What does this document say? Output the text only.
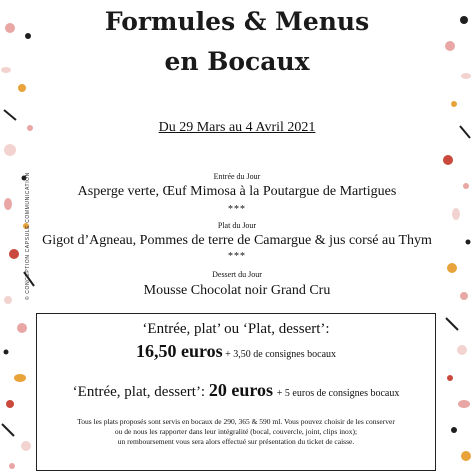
© CONCEPTION CAPSULE COMMUNICATION
Formules & Menus
en Bocaux
Du 29 Mars au 4 Avril 2021
Entrée du Jour
Asperge verte, Œuf Mimosa à la Poutargue de Martigues
***
Plat du Jour
Gigot d’Agneau, Pommes de terre de Camargue & jus corsé au Thym
***
Dessert du Jour
Mousse Chocolat noir Grand Cru
‘Entrée, plat’ ou ‘Plat, dessert’:
16,50 euros + 3,50 de consignes bocaux
‘Entrée, plat, dessert’: 20 euros + 5 euros de consignes bocaux
Tous les plats proposés sont servis en bocaux de 290, 365 & 590 ml. Vous pouvez choisir de les conserver
ou de nous les rapporter dans leur intégralité (bocal, couvercle, joint, clips inox);
un remboursement vous sera alors effectué sur présentation du ticket de caisse.
